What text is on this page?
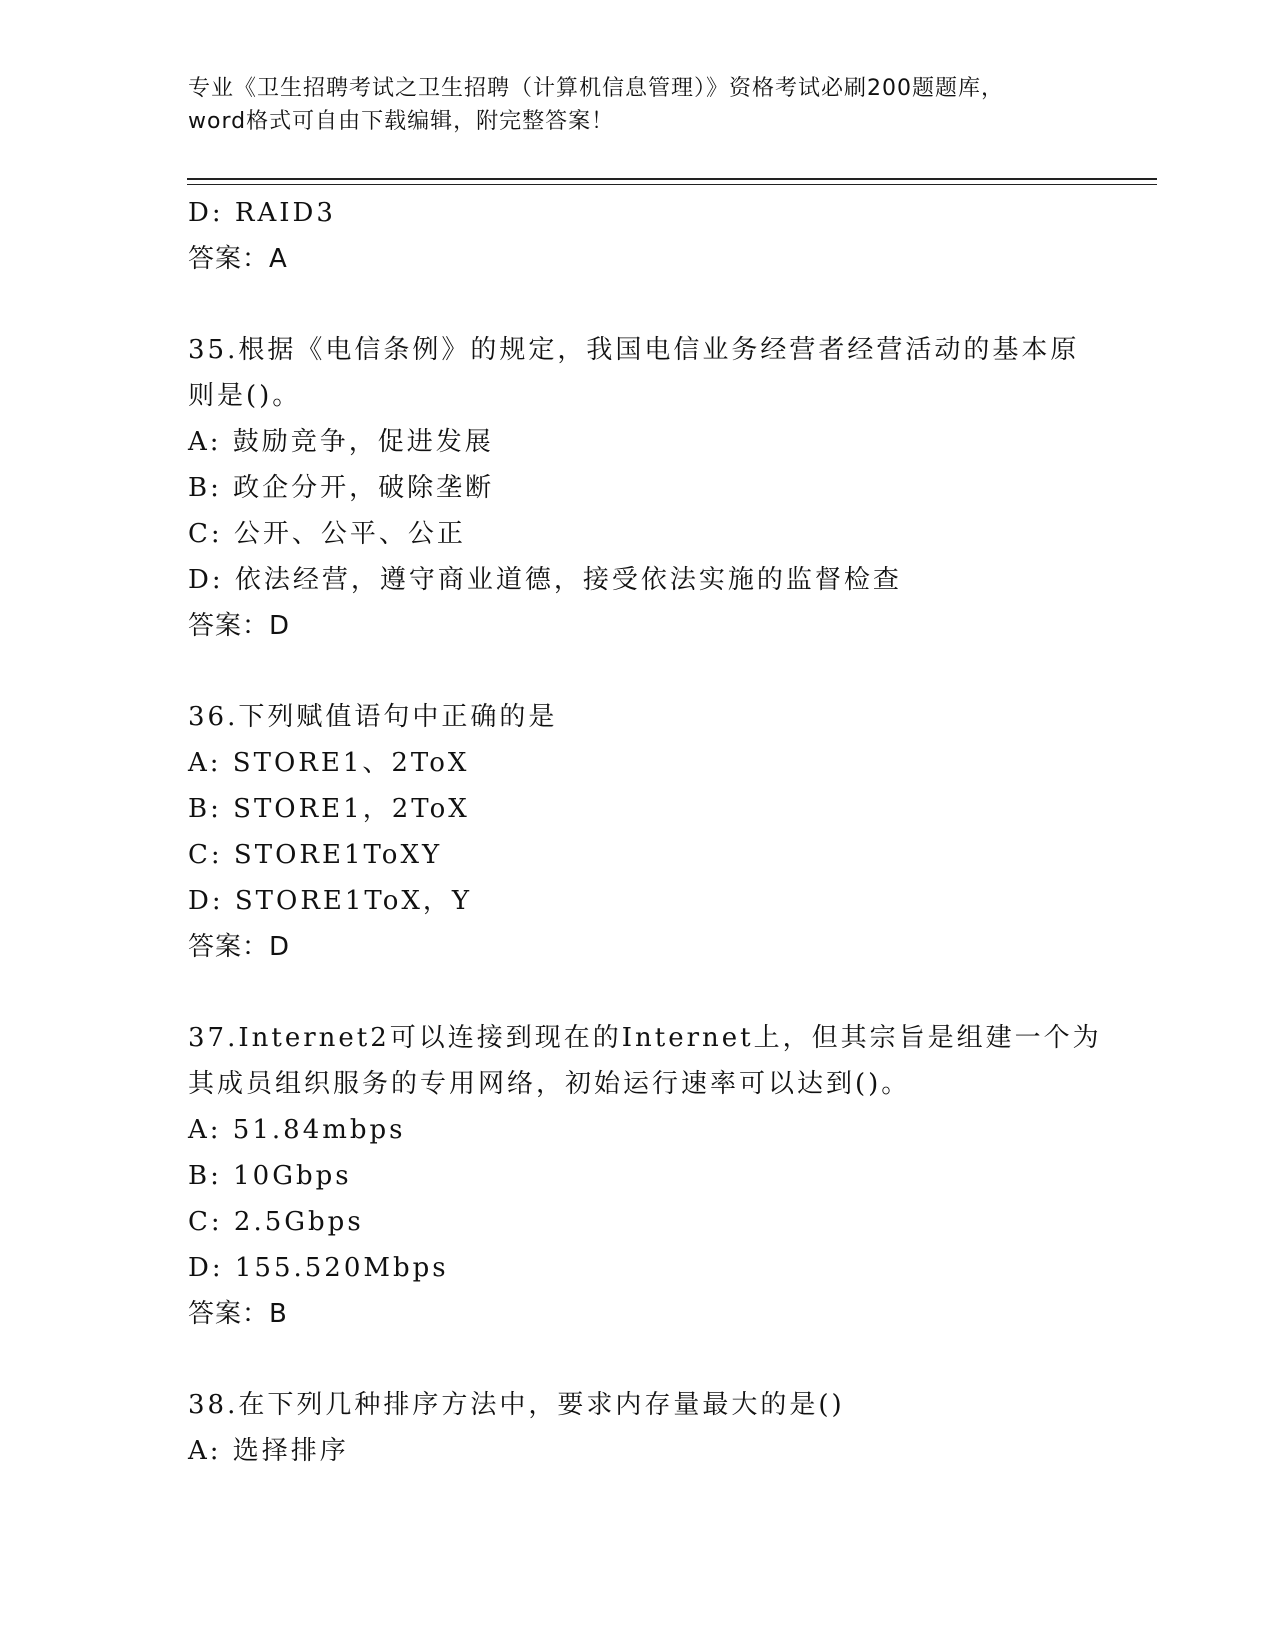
专业《卫生招聘考试之卫生招聘（计算机信息管理）》资格考试必刷200题题库，
word格式可自由下载编辑，附完整答案！
D: RAID3
答案：A
35.根据《电信条例》的规定，我国电信业务经营者经营活动的基本原
则是()。
A: 鼓励竞争，促进发展
B: 政企分开，破除垄断
C: 公开、公平、公正
D: 依法经营，遵守商业道德，接受依法实施的监督检查
答案：D
36.下列赋值语句中正确的是
A: STORE1、2ToX
B: STORE1，2ToX
C: STORE1ToXY
D: STORE1ToX，Y
答案：D
37.Internet2可以连接到现在的Internet上，但其宗旨是组建一个为
其成员组织服务的专用网络，初始运行速率可以达到()。
A: 51.84mbps
B: 10Gbps
C: 2.5Gbps
D: 155.520Mbps
答案：B
38.在下列几种排序方法中，要求内存量最大的是()
A: 选择排序
